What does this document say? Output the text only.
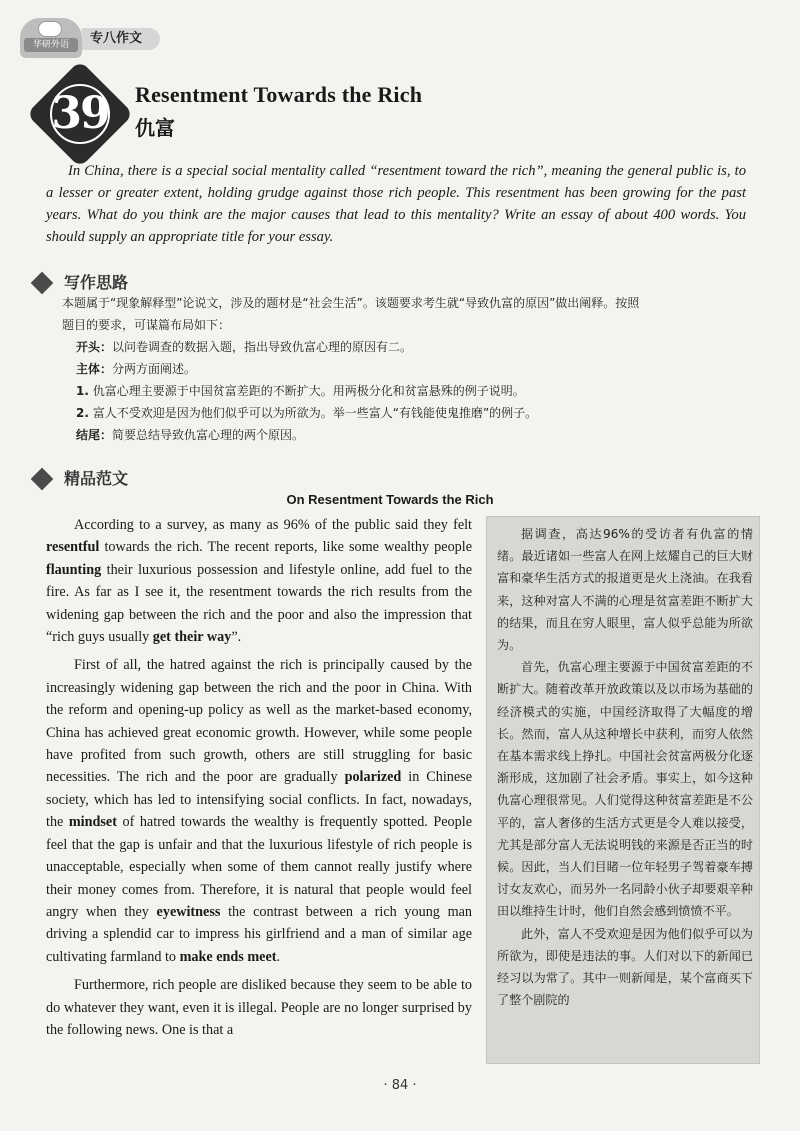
华研外语	专八作文
39	Resentment Towards the Rich
仇富
In China, there is a special social mentality called “resentment toward the rich”, meaning the general public is, to a lesser or greater extent, holding grudge against those rich people. This resentment has been growing for the past years. What do you think are the major causes that lead to this mentality? Write an essay of about 400 words. You should supply an appropriate title for your essay.
写作思路
本题属于“现象解释型”论说文，涉及的题材是“社会生活”。该题要求考生就“导致仇富的原因”做出阐释。按照
题目的要求，可谋篇布局如下：
开头：以问卷调查的数据入题，指出导致仇富心理的原因有二。
主体：分两方面阐述。
1. 仇富心理主要源于中国贫富差距的不断扩大。用两极分化和贫富悬殊的例子说明。
2. 富人不受欢迎是因为他们似乎可以为所欲为。举一些富人“有钱能使鬼推磨”的例子。
结尾：简要总结导致仇富心理的两个原因。
精品范文
On Resentment Towards the Rich

According to a survey, as many as 96% of the public said they felt resentful towards the rich. The recent reports, like some wealthy people flaunting their luxurious possession and lifestyle online, add fuel to the fire. As far as I see it, the resentment towards the rich results from the widening gap between the rich and the poor and also the impression that “rich guys usually get their way”.

First of all, the hatred against the rich is principally caused by the increasingly widening gap between the rich and the poor in China. With the reform and opening-up policy as well as the market-based economy, China has achieved great economic growth. However, while some people have profited from such growth, others are still struggling for basic necessities. The rich and the poor are gradually polarized in Chinese society, which has led to intensifying social conflicts. In fact, nowadays, the mindset of hatred towards the wealthy is frequently spotted. People feel that the gap is unfair and that the luxurious lifestyle of rich people is unacceptable, especially when some of them cannot really justify where their money comes from. Therefore, it is natural that people would feel angry when they eyewitness the contrast between a rich young man driving a splendid car to impress his girlfriend and a man of similar age cultivating farmland to make ends meet.

Furthermore, rich people are disliked because they seem to be able to do whatever they want, even it is illegal. People are no longer surprised by the following news. One is that a

据调查，高达96%的受访者有仇富的情绪。最近诸如一些富人在网上炫耀自己的巨大财富和豪华生活方式的报道更是火上浇油。在我看来，这种对富人不满的心理是贫富差距不断扩大的结果，而且在穷人眼里，富人似乎总能为所欲为。

首先，仇富心理主要源于中国贫富差距的不断扩大。随着改革开放政策以及以市场为基础的经济模式的实施，中国经济取得了大幅度的增长。然而，富人从这种增长中获利，而穷人依然在基本需求线上挣扎。中国社会贫富两极分化逐渐形成，这加剧了社会矛盾。事实上，如今这种仇富心理很常见。人们觉得这种贫富差距是不公平的，富人奢侈的生活方式更是令人难以接受，尤其是部分富人无法说明钱的来源是否正当的时候。因此，当人们目睹一位年轻男子驾着豪车搏讨女友欢心，而另外一名同龄小伙子却要艰辛种田以维持生计时，他们自然会感到愤愤不平。

此外，富人不受欢迎是因为他们似乎可以为所欲为，即使是违法的事。人们对以下的新闻已经习以为常了。其中一则新闻是，某个富商买下了整个剧院的

· 84 ·
